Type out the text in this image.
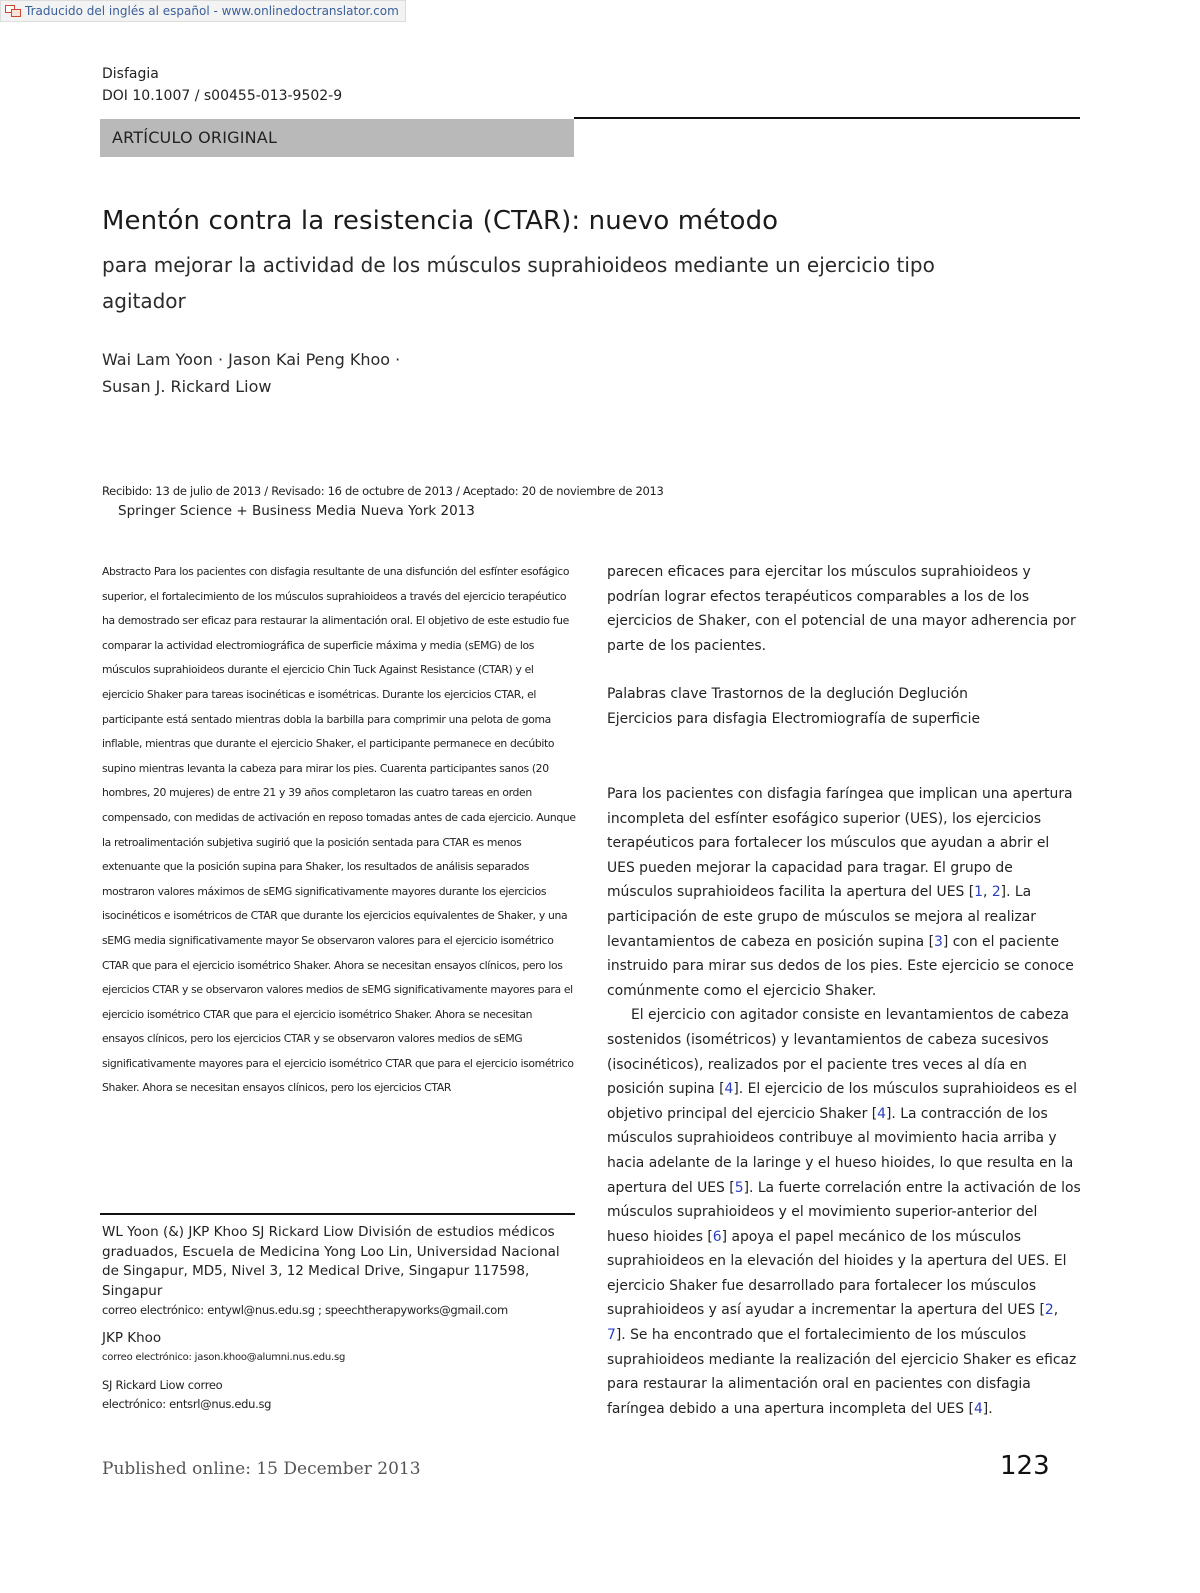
Traducido del inglés al español - www.onlinedoctranslator.com
Disfagia
DOI 10.1007 / s00455-013-9502-9
ARTÍCULO ORIGINAL
Mentón contra la resistencia (CTAR): nuevo método
para mejorar la actividad de los músculos suprahioideos mediante un ejercicio tipo agitador
Wai Lam Yoon · Jason Kai Peng Khoo ·
Susan J. Rickard Liow
Recibido: 13 de julio de 2013 / Revisado: 16 de octubre de 2013 / Aceptado: 20 de noviembre de 2013
Springer Science + Business Media Nueva York 2013
Abstracto Para los pacientes con disfagia resultante de una disfunción del esfínter esofágico superior, el fortalecimiento de los músculos suprahioideos a través del ejercicio terapéutico ha demostrado ser eficaz para restaurar la alimentación oral. El objetivo de este estudio fue comparar la actividad electromiográfica de superficie máxima y media (sEMG) de los músculos suprahioideos durante el ejercicio Chin Tuck Against Resistance (CTAR) y el ejercicio Shaker para tareas isocinéticas e isométricas. Durante los ejercicios CTAR, el participante está sentado mientras dobla la barbilla para comprimir una pelota de goma inflable, mientras que durante el ejercicio Shaker, el participante permanece en decúbito supino mientras levanta la cabeza para mirar los pies. Cuarenta participantes sanos (20 hombres, 20 mujeres) de entre 21 y 39 años completaron las cuatro tareas en orden compensado, con medidas de activación en reposo tomadas antes de cada ejercicio. Aunque la retroalimentación subjetiva sugirió que la posición sentada para CTAR es menos extenuante que la posición supina para Shaker, los resultados de análisis separados mostraron valores máximos de sEMG significativamente mayores durante los ejercicios isocinéticos e isométricos de CTAR que durante los ejercicios equivalentes de Shaker, y una sEMG media significativamente mayor Se observaron valores para el ejercicio isométrico CTAR que para el ejercicio isométrico Shaker. Ahora se necesitan ensayos clínicos, pero los ejercicios CTAR y se observaron valores medios de sEMG significativamente mayores para el ejercicio isométrico CTAR que para el ejercicio isométrico Shaker. Ahora se necesitan ensayos clínicos, pero los ejercicios CTAR y se observaron valores medios de sEMG significativamente mayores para el ejercicio isométrico CTAR que para el ejercicio isométrico Shaker. Ahora se necesitan ensayos clínicos, pero los ejercicios CTAR
WL Yoon (&) JKP Khoo SJ Rickard Liow División de estudios médicos graduados, Escuela de Medicina Yong Loo Lin, Universidad Nacional de Singapur, MD5, Nivel 3, 12 Medical Drive, Singapur 117598, Singapur
correo electrónico: entywl@nus.edu.sg ; speechtherapyworks@gmail.com
JKP Khoo
correo electrónico: jason.khoo@alumni.nus.edu.sg
SJ Rickard Liow correo
electrónico: entsrl@nus.edu.sg
parecen eficaces para ejercitar los músculos suprahioideos y podrían lograr efectos terapéuticos comparables a los de los ejercicios de Shaker, con el potencial de una mayor adherencia por parte de los pacientes.
Palabras clave Trastornos de la deglución Deglución
Ejercicios para disfagia Electromiografía de superficie

Para los pacientes con disfagia faríngea que implican una apertura incompleta del esfínter esofágico superior (UES), los ejercicios terapéuticos para fortalecer los músculos que ayudan a abrir el UES pueden mejorar la capacidad para tragar. El grupo de músculos suprahioideos facilita la apertura del UES [1, 2]. La participación de este grupo de músculos se mejora al realizar levantamientos de cabeza en posición supina [3] con el paciente instruido para mirar sus dedos de los pies. Este ejercicio se conoce comúnmente como el ejercicio Shaker.

El ejercicio con agitador consiste en levantamientos de cabeza sostenidos (isométricos) y levantamientos de cabeza sucesivos (isocinéticos), realizados por el paciente tres veces al día en posición supina [4]. El ejercicio de los músculos suprahioideos es el objetivo principal del ejercicio Shaker [4]. La contracción de los músculos suprahioideos contribuye al movimiento hacia arriba y hacia adelante de la laringe y el hueso hioides, lo que resulta en la apertura del UES [5]. La fuerte correlación entre la activación de los músculos suprahioideos y el movimiento superior-anterior del hueso hioides [6] apoya el papel mecánico de los músculos suprahioideos en la elevación del hioides y la apertura del UES. El ejercicio Shaker fue desarrollado para fortalecer los músculos suprahioideos y así ayudar a incrementar la apertura del UES [2, 7]. Se ha encontrado que el fortalecimiento de los músculos suprahioideos mediante la realización del ejercicio Shaker es eficaz para restaurar la alimentación oral en pacientes con disfagia faríngea debido a una apertura incompleta del UES [4].

Published online: 15 December 2013	123
